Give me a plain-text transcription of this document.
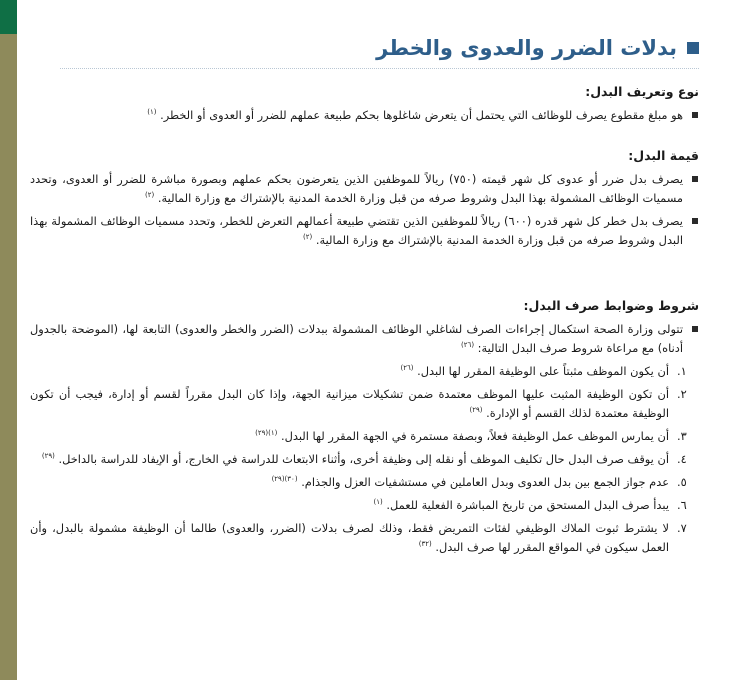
بدلات الضرر والعدوى والخطر

نوع وتعريف البدل:

هو مبلغ مقطوع يصرف للوظائف التي يحتمل أن يتعرض شاغلوها بحكم طبيعة عملهم للضرر أو العدوى أو الخطر. $^{(١)}$

قيمة البدل:

يصرف بدل ضرر أو عدوى كل شهر قيمته (٧٥٠) ريالاً للموظفين الذين يتعرضون بحكم عملهم وبصورة مباشرة للضرر أو العدوى، وتحدد مسميات الوظائف المشمولة بهذا البدل وشروط صرفه من قبل وزارة الخدمة المدنية بالإشتراك مع وزارة المالية. $^{(٢)}$

يصرف بدل خطر كل شهر قدره (٦٠٠) ريالاً للموظفين الذين تقتضي طبيعة أعمالهم التعرض للخطر، وتحدد مسميات الوظائف المشمولة بهذا البدل وشروط صرفه من قبل وزارة الخدمة المدنية بالإشتراك مع وزارة المالية. $^{(٢)}$

شروط وضوابط صرف البدل:

تتولى وزارة الصحة استكمال إجراءات الصرف لشاغلي الوظائف المشمولة ببدلات (الضرر والخطر والعدوى) التابعة لها، (الموضحة بالجدول أدناه) مع مراعاة شروط صرف البدل التالية: $^{(٢٦)}$

١.
أن يكون الموظف مثبتاً على الوظيفة المقرر لها البدل. $^{(٢٦)}$

٢.
أن تكون الوظيفة المثبت عليها الموظف معتمدة ضمن تشكيلات ميزانية الجهة، وإذا كان البدل مقرراً لقسم أو إدارة، فيجب أن تكون الوظيفة معتمدة لذلك القسم أو الإدارة. $^{(٢٩)}$

٣.
أن يمارس الموظف عمل الوظيفة فعلاً، وبصفة مستمرة في الجهة المقرر لها البدل. $^{(١)(٢٩)}$

٤.
أن يوقف صرف البدل حال تكليف الموظف أو نقله إلى وظيفة أخرى، وأثناء الابتعاث للدراسة في الخارج، أو الإيفاد للدراسة بالداخل. $^{(٢٩)}$

٥.
عدم جواز الجمع بين بدل العدوى وبدل العاملين في مستشفيات العزل والجذام. $^{(٣٠)(٢٩)}$

٦.
يبدأ صرف البدل المستحق من تاريخ المباشرة الفعلية للعمل. $^{(١)}$

٧.
لا يشترط ثبوت الملاك الوظيفي لفئات التمريض فقط، وذلك لصرف بدلات (الضرر، والعدوى) طالما أن الوظيفة مشمولة بالبدل، وأن العمل سيكون في المواقع المقرر لها صرف البدل. $^{(٣٢)}$
